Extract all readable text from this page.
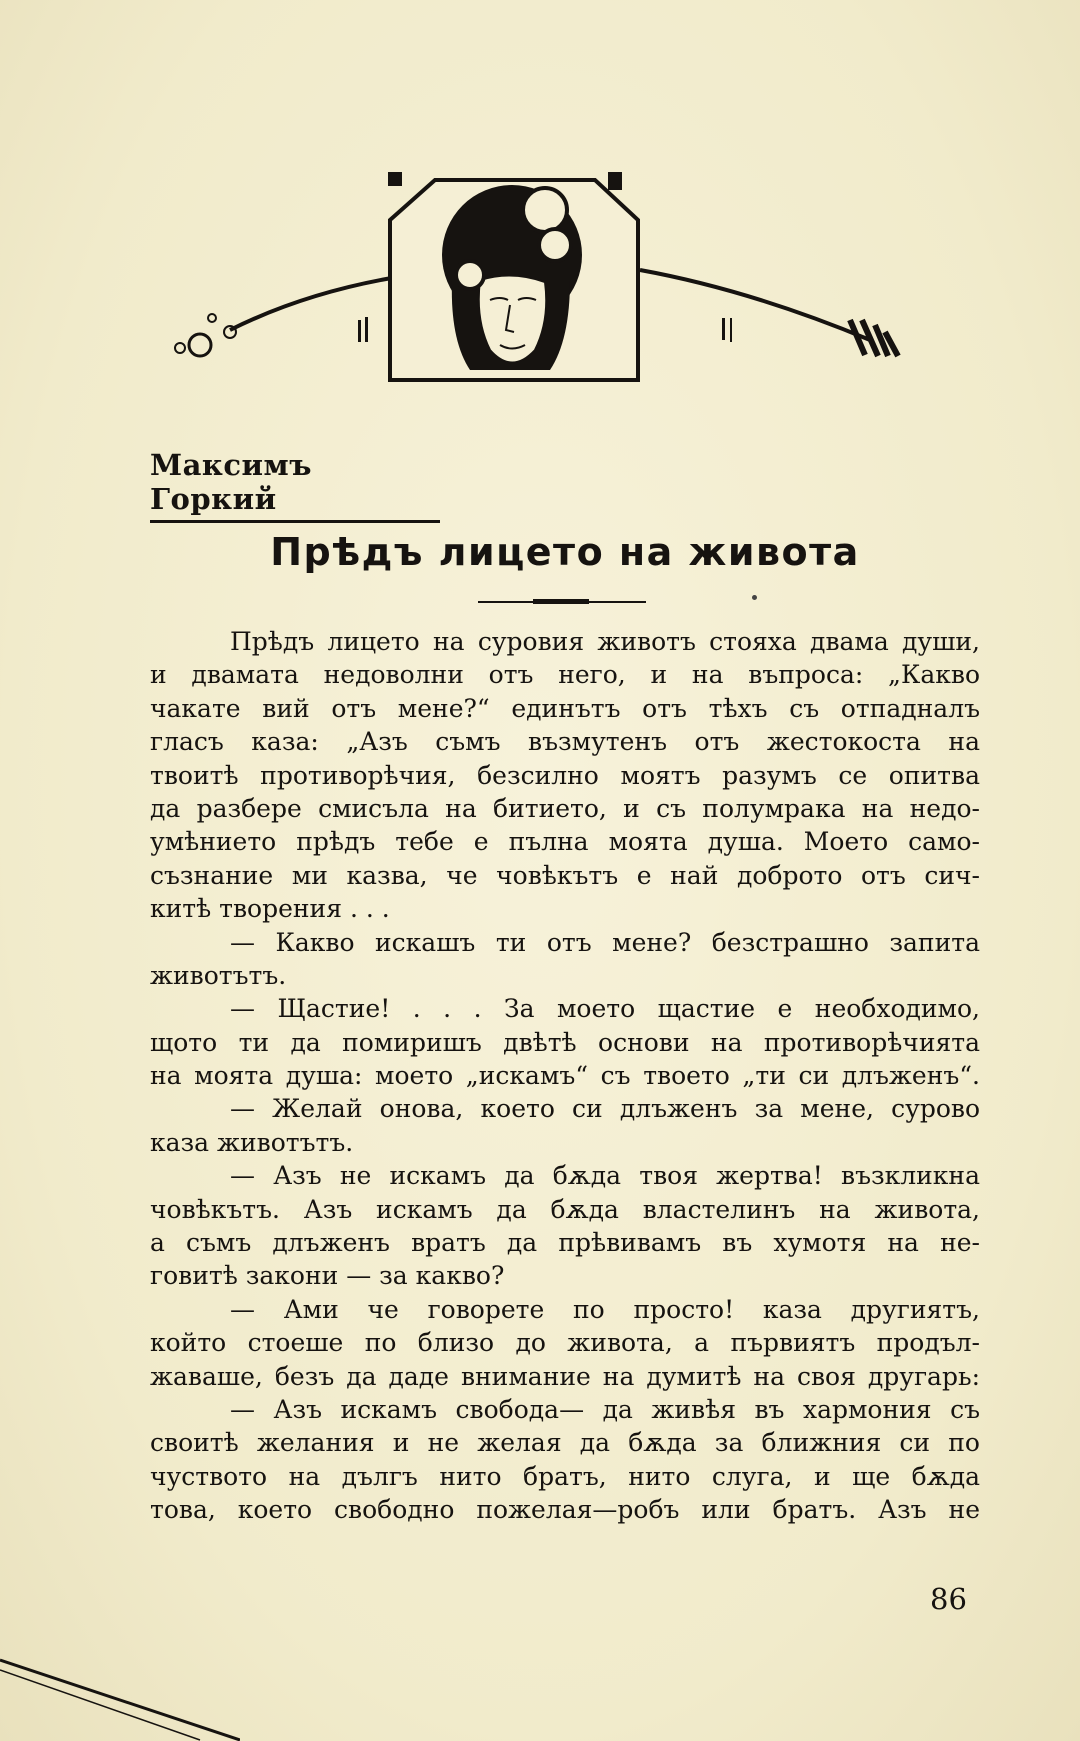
Максимъ Горкий
Прѣдъ лицето на живота
Прѣдъ лицето на суровия животъ стояха двама души,
и двамата недоволни отъ него, и на въпроса: „Какво
чакате вий отъ мене?“ единътъ отъ тѣхъ съ отпадналъ
гласъ каза: „Азъ съмъ възмутенъ отъ жестокоста на
твоитѣ противорѣчия, безсилно моятъ разумъ се опитва
да разбере смисъла на битието, и съ полумрака на недо-
умѣнието прѣдъ тебе е пълна моята душа. Моето само-
съзнание ми казва, че човѣкътъ е най доброто отъ сич-
китѣ творения . . .
— Какво искашъ ти отъ мене? безстрашно запита
животътъ.
— Щастие! . . . За моето щастие е необходимо,
щото ти да помиришъ двѣтѣ основи на противорѣчията
на моята душа: моето „искамъ“ съ твоето „ти си длъженъ“.
— Желай онова, което си длъженъ за мене, сурово
каза животътъ.
— Азъ не искамъ да бѫда твоя жертва! възкликна
човѣкътъ. Азъ искамъ да бѫда властелинъ на живота,
а съмъ длъженъ вратъ да прѣвивамъ въ хумотя на не-
говитѣ закони — за какво?
— Ами че говорете по просто! каза другиятъ,
който стоеше по близо до живота, а първиятъ продъл-
жаваше, безъ да даде внимание на думитѣ на своя другарь:
— Азъ искамъ свобода— да живѣя въ хармония съ
своитѣ желания и не желая да бѫда за ближния си по
чуството на дългъ нито братъ, нито слуга, и ще бѫда
това, което свободно пожелая—робъ или братъ. Азъ не
86
